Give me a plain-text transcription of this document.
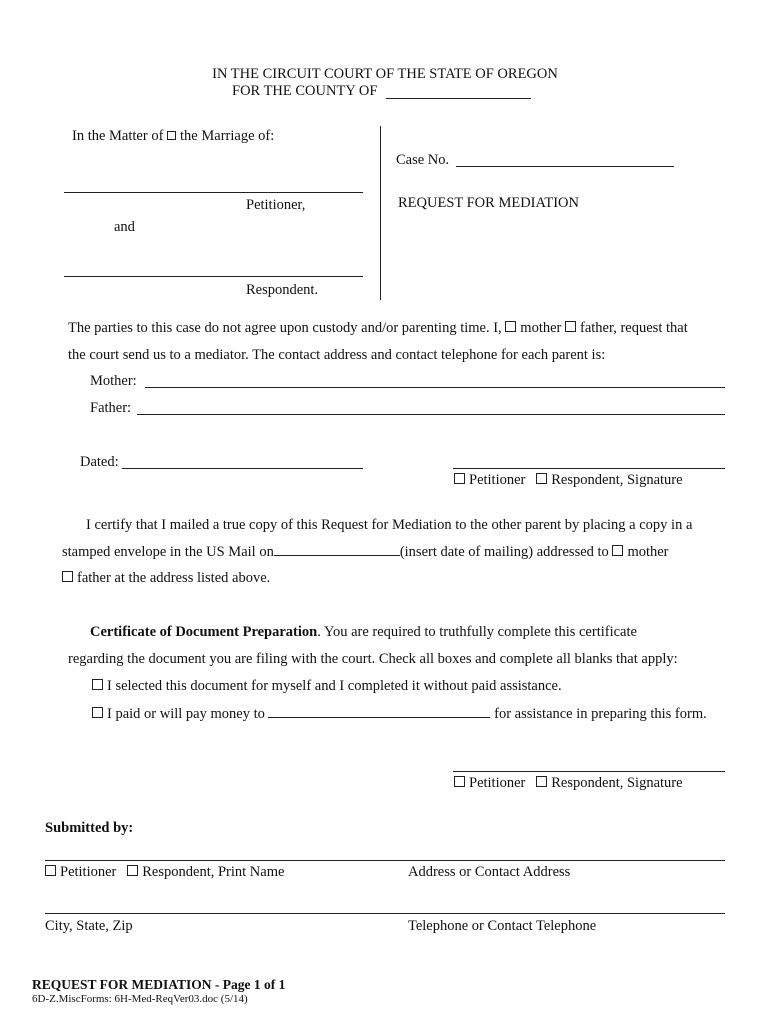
IN THE CIRCUIT COURT OF THE STATE OF OREGON
FOR THE COUNTY OF
In the Matter of the Marriage of:
Petitioner,
and
Respondent.
Case No.
REQUEST FOR MEDIATION
The parties to this case do not agree upon custody and/or parenting time. I, mother father, request that
the court send us to a mediator. The contact address and contact telephone for each parent is:
Mother:
Father:
Dated:
Petitioner Respondent, Signature
I certify that I mailed a true copy of this Request for Mediation to the other parent by placing a copy in a
stamped envelope in the US Mail on	(insert date of mailing) addressed to mother
father at the address listed above.
Certificate of Document Preparation. You are required to truthfully complete this certificate
regarding the document you are filing with the court. Check all boxes and complete all blanks that apply:
I selected this document for myself and I completed it without paid assistance.
I paid or will pay money to	for assistance in preparing this form.
Petitioner Respondent, Signature
Submitted by:
Petitioner Respondent, Print Name	Address or Contact Address
City, State, Zip	Telephone or Contact Telephone
REQUEST FOR MEDIATION - Page 1 of 1
6D-Z.MiscForms: 6H-Med-ReqVer03.doc (5/14)
